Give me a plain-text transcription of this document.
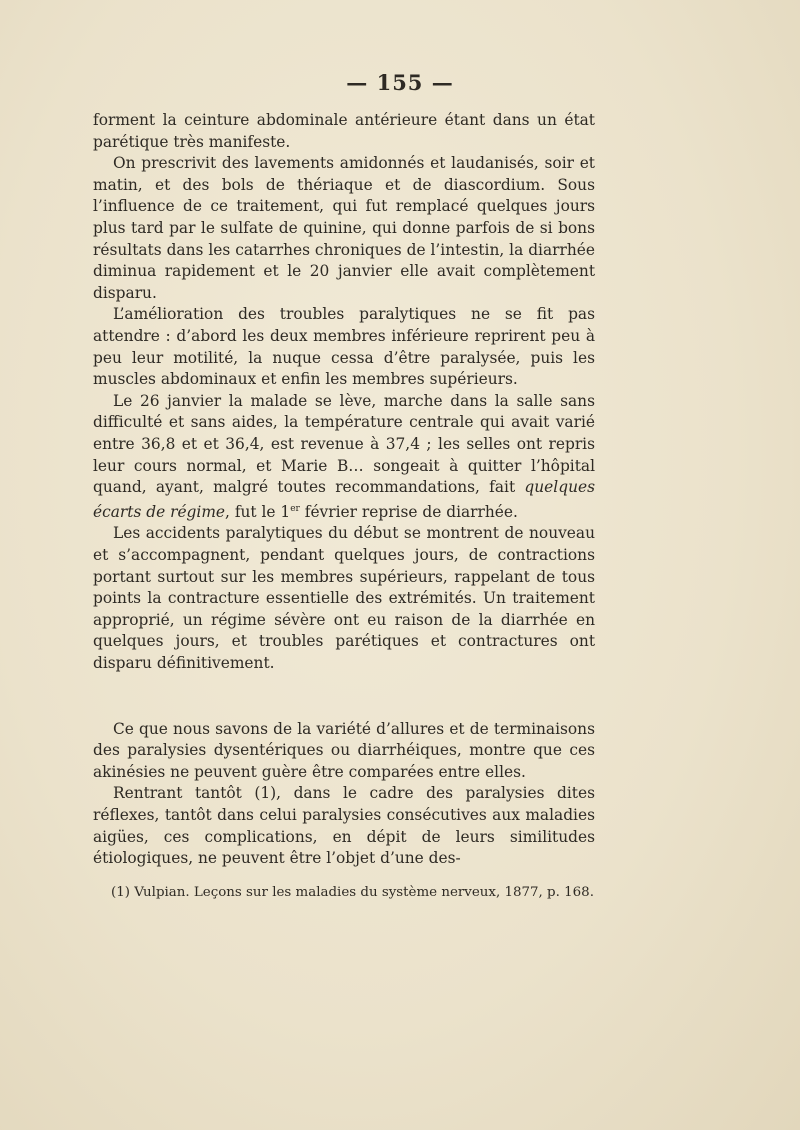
— 155 —

forment la ceinture abdominale antérieure étant dans un état parétique très manifeste.

On prescrivit des lavements amidonnés et laudanisés, soir et matin, et des bols de thériaque et de diascordium. Sous l’influence de ce traitement, qui fut remplacé quelques jours plus tard par le sulfate de quinine, qui donne parfois de si bons résultats dans les catarrhes chroniques de l’intestin, la diarrhée diminua rapidement et le 20 janvier elle avait complètement disparu.

L’amélioration des troubles paralytiques ne se fit pas attendre : d’abord les deux membres inférieure reprirent peu à peu leur motilité, la nuque cessa d’être paralysée, puis les muscles abdominaux et enfin les membres supérieurs.

Le 26 janvier la malade se lève, marche dans la salle sans difficulté et sans aides, la température centrale qui avait varié entre 36,8 et et 36,4, est revenue à 37,4 ; les selles ont repris leur cours normal, et Marie B… songeait à quitter l’hôpital quand, ayant, malgré toutes recommandations, fait quelques écarts de régime, fut le 1er février reprise de diarrhée.

Les accidents paralytiques du début se montrent de nouveau et s’accompagnent, pendant quelques jours, de contractions portant surtout sur les membres supérieurs, rappelant de tous points la contracture essentielle des extrémités. Un traitement approprié, un régime sévère ont eu raison de la diarrhée en quelques jours, et troubles parétiques et contractures ont disparu définitivement.

Ce que nous savons de la variété d’allures et de terminaisons des paralysies dysentériques ou diarrhéiques, montre que ces akinésies ne peuvent guère être comparées entre elles.

Rentrant tantôt (1), dans le cadre des paralysies dites réflexes, tantôt dans celui paralysies consécutives aux maladies aigües, ces complications, en dépit de leurs similitudes étiologiques, ne peuvent être l’objet d’une des-

(1) Vulpian. Leçons sur les maladies du système nerveux, 1877, p. 168.
